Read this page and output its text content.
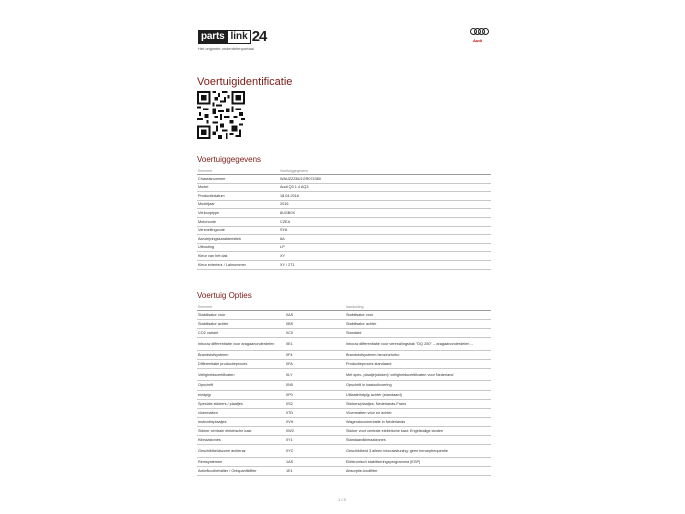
parts link 24
Het originele onderdelenportaal
Audi
Voertuigidentificatie
Voertuiggegevens
Kenmerk	Voertuiggegevens
Chassisnummer	WAUZZZ8U1GR074380
Model	Audi Q3 1.4 AQ3
Productiedatum	18.04.2016
Modeljaar	2016
Verkooptype	8UGB0X
Motorcode	CZEA
Versnellingcode	SYA
Aandrijvingskarakteristiek	6A
Uitrusting	LP
Kleur van het dak	XY
Kleur exterieur / Laknummer	XY / 2T1
Voertuig Opties
Kenmerk		Aanduiding
Stabilisator vóór	0AS	Stabilisator vóór
Stabilisator achter	0BS	Stabilisator achter
CO2 variant	0C0	Standard
Inbouw differentiatie voor aragaanonderdelen	0E1	Inbouw differentiatie voor verenalingsbak "DQ 250" -- aragaanonderdelen --
Brandstofsysteem	0F4	Brandstofsysteem benzineturbo
Differentiatie productieproces	0FA	Productieproces standaard
Veiligheidscertificaten	0LY	Met spec. plaatje(sticker)/ veiligheidscertificaten voor Nederland
Opschrift	0N5	Opschrift in basisuitvoering
eindpijp	0P0	Uitlaateindpijp achter (standaard)
Speciale stickers / plaatjes	0S2	Stickers/plaatjes, Nederlands-Frans
vloermatten	0TD	Vloermatten vóór en achter
Instructieplaatjes	0VH	Wagendocumentatie in Nederlands
Sticker centrale elektrische kast	0W2	Sticker voor centrale elektrische kast: Engelstalige landen
Klimaatzones	0Y1	Standaardklimaatzones
Geschiktheidszone achteraz	0YC	Geschiktheid 3 alleen inbouwstuning: geen beroepfrequentie
Remsystemen	1AS	Elektronisch stabiliseringsprogramma (ESP)
Actiefkoolbehälter / Ontspanfikfilter	1E1	Absorptie-koolfilter
1 / 3
